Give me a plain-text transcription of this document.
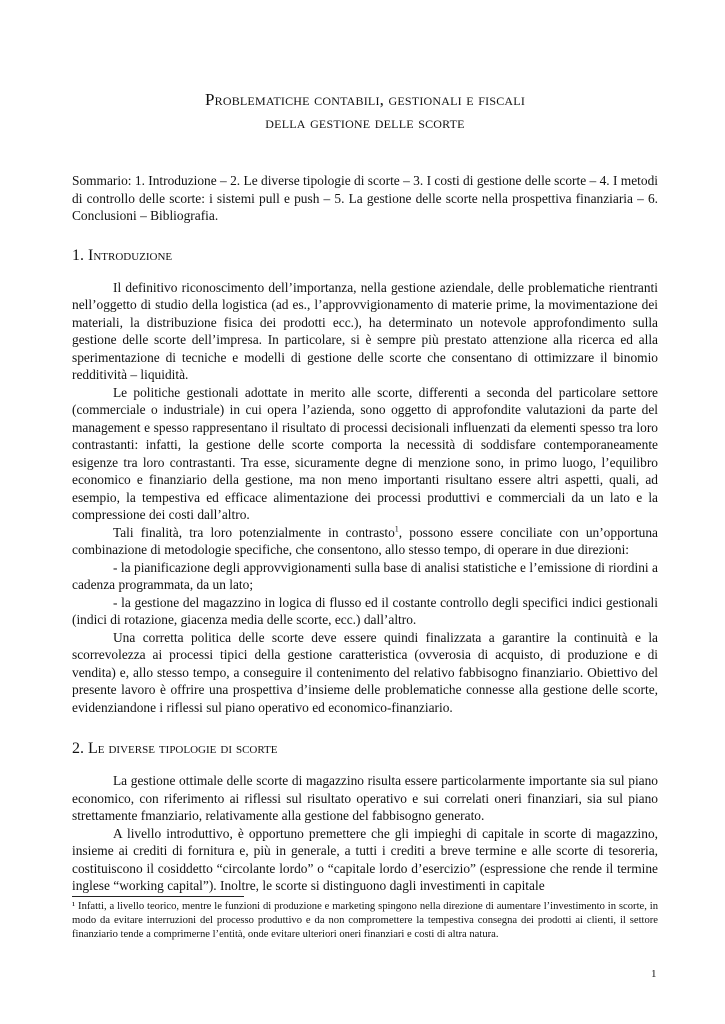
Problematiche contabili, gestionali e fiscali
della gestione delle scorte
Sommario: 1. Introduzione – 2. Le diverse tipologie di scorte – 3. I costi di gestione delle scorte – 4. I metodi di controllo delle scorte: i sistemi pull e push – 5. La gestione delle scorte nella prospettiva finanziaria – 6. Conclusioni – Bibliografia.
1. Introduzione

Il definitivo riconoscimento dell’importanza, nella gestione aziendale, delle problematiche rientranti nell’oggetto di studio della logistica (ad es., l’approvvigionamento di materie prime, la movimentazione dei materiali, la distribuzione fisica dei prodotti ecc.), ha determinato un notevole approfondimento sulla gestione delle scorte dell’impresa. In particolare, si è sempre più prestato attenzione alla ricerca ed alla sperimentazione di tecniche e modelli di gestione delle scorte che consentano di ottimizzare il binomio redditività – liquidità.

Le politiche gestionali adottate in merito alle scorte, differenti a seconda del particolare settore (commerciale o industriale) in cui opera l’azienda, sono oggetto di approfondite valutazioni da parte del management e spesso rappresentano il risultato di processi decisionali influenzati da elementi spesso tra loro contrastanti: infatti, la gestione delle scorte comporta la necessità di soddisfare contemporaneamente esigenze tra loro contrastanti. Tra esse, sicuramente degne di menzione sono, in primo luogo, l’equilibro economico e finanziario della gestione, ma non meno importanti risultano essere altri aspetti, quali, ad esempio, la tempestiva ed efficace alimentazione dei processi produttivi e commerciali da un lato e la compressione dei costi dall’altro.

Tali finalità, tra loro potenzialmente in contrasto$^1$, possono essere conciliate con un’opportuna combinazione di metodologie specifiche, che consentono, allo stesso tempo, di operare in due direzioni:

- la pianificazione degli approvvigionamenti sulla base di analisi statistiche e l’emissione di riordini a cadenza programmata, da un lato;

- la gestione del magazzino in logica di flusso ed il costante controllo degli specifici indici gestionali (indici di rotazione, giacenza media delle scorte, ecc.) dall’altro.

Una corretta politica delle scorte deve essere quindi finalizzata a garantire la continuità e la scorrevolezza ai processi tipici della gestione caratteristica (ovverosia di acquisto, di produzione e di vendita) e, allo stesso tempo, a conseguire il contenimento del relativo fabbisogno finanziario. Obiettivo del presente lavoro è offrire una prospettiva d’insieme delle problematiche connesse alla gestione delle scorte, evidenziandone i riflessi sul piano operativo ed economico-finanziario.

2. Le diverse tipologie di scorte

La gestione ottimale delle scorte di magazzino risulta essere particolarmente importante sia sul piano economico, con riferimento ai riflessi sul risultato operativo e sui correlati oneri finanziari, sia sul piano strettamente fmanziario, relativamente alla gestione del fabbisogno generato.

A livello introduttivo, è opportuno premettere che gli impieghi di capitale in scorte di magazzino, insieme ai crediti di fornitura e, più in generale, a tutti i crediti a breve termine e alle scorte di tesoreria, costituiscono il cosiddetto “circolante lordo” o “capitale lordo d’esercizio” (espressione che rende il termine inglese “working capital”). Inoltre, le scorte si distinguono dagli investimenti in capitale

¹ Infatti, a livello teorico, mentre le funzioni di produzione e marketing spingono nella direzione di aumentare l’investimento in scorte, in modo da evitare interruzioni del processo produttivo e da non compromettere la tempestiva consegna dei prodotti ai clienti, il settore finanziario tende a comprimerne l’entità, onde evitare ulteriori oneri finanziari e costi di altra natura.
1
